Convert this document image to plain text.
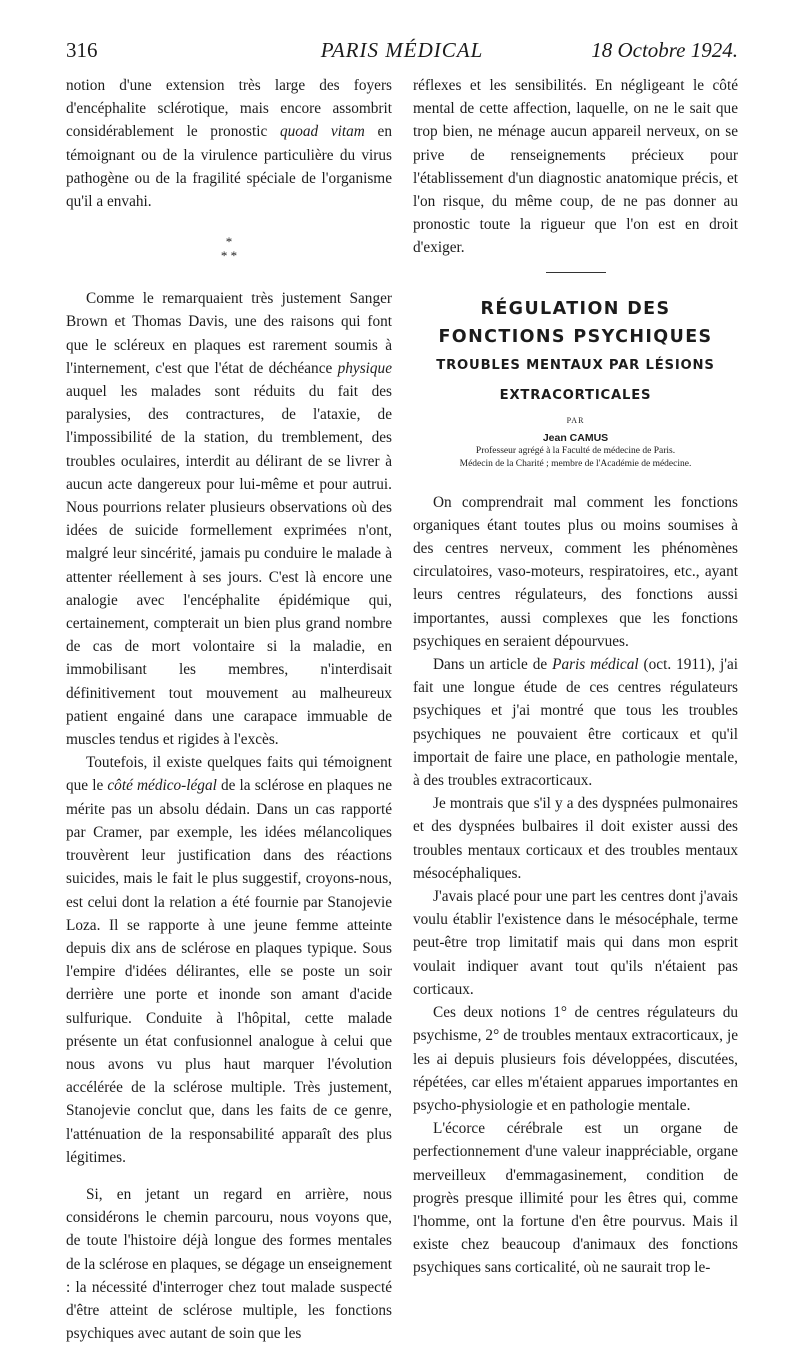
316	PARIS MÉDICAL	18 Octobre 1924.

notion d'une extension très large des foyers d'encéphalite sclérotique, mais encore assombrit considérablement le pronostic quoad vitam en témoignant ou de la virulence particulière du virus pathogène ou de la fragilité spéciale de l'organisme qu'il a envahi.

*
* *

Comme le remarquaient très justement Sanger Brown et Thomas Davis, une des raisons qui font que le scléreux en plaques est rarement soumis à l'internement, c'est que l'état de déchéance physique auquel les malades sont réduits du fait des paralysies, des contractures, de l'ataxie, de l'impossibilité de la station, du tremblement, des troubles oculaires, interdit au délirant de se livrer à aucun acte dangereux pour lui-même et pour autrui. Nous pourrions relater plusieurs observations où des idées de suicide formellement exprimées n'ont, malgré leur sincérité, jamais pu conduire le malade à attenter réellement à ses jours. C'est là encore une analogie avec l'encéphalite épidémique qui, certainement, compterait un bien plus grand nombre de cas de mort volontaire si la maladie, en immobilisant les membres, n'interdisait définitivement tout mouvement au malheureux patient engainé dans une carapace immuable de muscles tendus et rigides à l'excès.

Toutefois, il existe quelques faits qui témoignent que le côté médico-légal de la sclérose en plaques ne mérite pas un absolu dédain. Dans un cas rapporté par Cramer, par exemple, les idées mélancoliques trouvèrent leur justification dans des réactions suicides, mais le fait le plus suggestif, croyons-nous, est celui dont la relation a été fournie par Stanojevie Loza. Il se rapporte à une jeune femme atteinte depuis dix ans de sclérose en plaques typique. Sous l'empire d'idées délirantes, elle se poste un soir derrière une porte et inonde son amant d'acide sulfurique. Conduite à l'hôpital, cette malade présente un état confusionnel analogue à celui que nous avons vu plus haut marquer l'évolution accélérée de la sclérose multiple. Très justement, Stanojevie conclut que, dans les faits de ce genre, l'atténuation de la responsabilité apparaît des plus légitimes.

Si, en jetant un regard en arrière, nous considérons le chemin parcouru, nous voyons que, de toute l'histoire déjà longue des formes mentales de la sclérose en plaques, se dégage un enseignement : la nécessité d'interroger chez tout malade suspecté d'être atteint de sclérose multiple, les fonctions psychiques avec autant de soin que les

réflexes et les sensibilités. En négligeant le côté mental de cette affection, laquelle, on ne le sait que trop bien, ne ménage aucun appareil nerveux, on se prive de renseignements précieux pour l'établissement d'un diagnostic anatomique précis, et l'on risque, du même coup, de ne pas donner au pronostic toute la rigueur que l'on est en droit d'exiger.

RÉGULATION DES
FONCTIONS PSYCHIQUES
TROUBLES MENTAUX PAR LÉSIONS
EXTRACORTICALES
PAR
Jean CAMUS
Professeur agrégé à la Faculté de médecine de Paris.
Médecin de la Charité ; membre de l'Académie de médecine.

On comprendrait mal comment les fonctions organiques étant toutes plus ou moins soumises à des centres nerveux, comment les phénomènes circulatoires, vaso-moteurs, respiratoires, etc., ayant leurs centres régulateurs, des fonctions aussi importantes, aussi complexes que les fonctions psychiques en seraient dépourvues.

Dans un article de Paris médical (oct. 1911), j'ai fait une longue étude de ces centres régulateurs psychiques et j'ai montré que tous les troubles psychiques ne pouvaient être corticaux et qu'il importait de faire une place, en pathologie mentale, à des troubles extracorticaux.

Je montrais que s'il y a des dyspnées pulmonaires et des dyspnées bulbaires il doit exister aussi des troubles mentaux corticaux et des troubles mentaux mésocéphaliques.

J'avais placé pour une part les centres dont j'avais voulu établir l'existence dans le mésocéphale, terme peut-être trop limitatif mais qui dans mon esprit voulait indiquer avant tout qu'ils n'étaient pas corticaux.

Ces deux notions 1° de centres régulateurs du psychisme, 2° de troubles mentaux extracorticaux, je les ai depuis plusieurs fois développées, discutées, répétées, car elles m'étaient apparues importantes en psycho-physiologie et en pathologie mentale.

L'écorce cérébrale est un organe de perfectionnement d'une valeur inappréciable, organe merveilleux d'emmagasinement, condition de progrès presque illimité pour les êtres qui, comme l'homme, ont la fortune d'en être pourvus. Mais il existe chez beaucoup d'animaux des fonctions psychiques sans corticalité, où ne saurait trop le-
